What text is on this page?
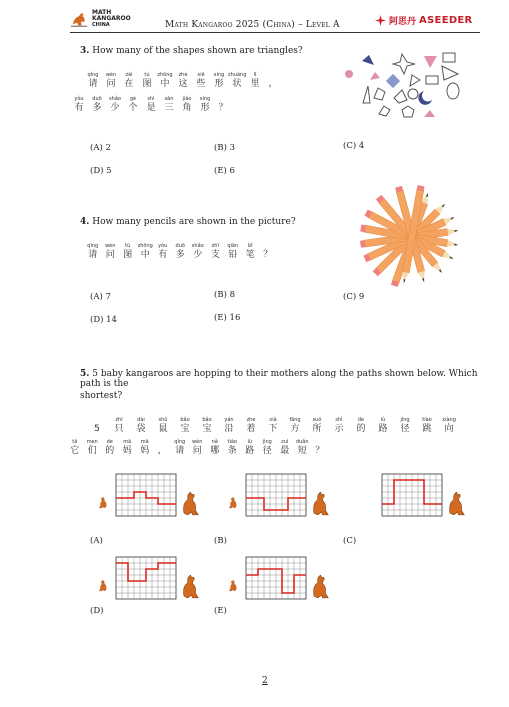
MATH
KANGAROO
CHINA	Math Kangaroo 2025 (China) – Level A	阿思丹 ASEEDER
3. How many of the shapes shown are triangles?
qǐng
请
wèn
问
zài
在
tú
图
zhōng
中
zhè
这
xiē
些
xíng
形
zhuàng
状
lǐ
里 ，
yǒu
有
duō
多
shǎo
少
gè
个
shì
是
sān
三
jiǎo
角
xíng
形 ？
(A) 2	(B) 3	(C) 4
(D) 5	(E) 6
4. How many pencils are shown in the picture?
qǐng
请
wèn
问
tú
图
zhōng
中
yǒu
有
duō
多
shǎo
少
zhī
支
qiān
铅
bǐ
笔 ？
(A) 7	(B) 8	(C) 9
(D) 14	(E) 16
5. 5 baby kangaroos are hopping to their mothers along the paths shown below. Which path is the
shortest?
5
zhī
只
dài
袋
shǔ
鼠
bǎo
宝
bǎo
宝
yán
沿
zhe
着
xià
下
fāng
方
suǒ
所
shì
示
de
的
lù
路
jìng
径
tiào
跳
xiàng
向
tā
它
men
们
de
的
mā
妈
mā
妈 ，
qǐng
请
wèn
问
nǎ
哪
tiáo
条
lù
路
jìng
径
zuì
最
duǎn
短 ？
(A)	(B)	(C)
(D)	(E)
2
